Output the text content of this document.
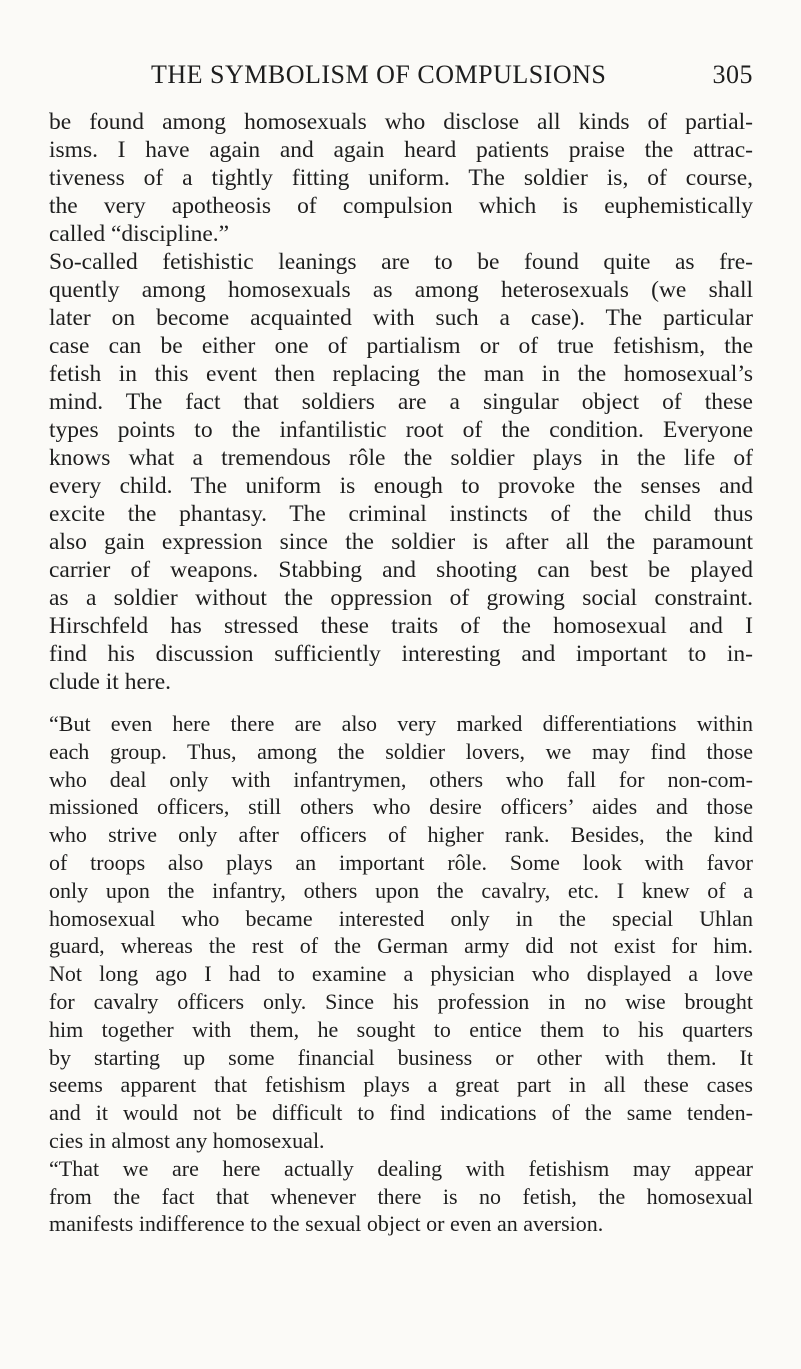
THE SYMBOLISM OF COMPULSIONS	305
be found among homosexuals who disclose all kinds of partial-
isms. I have again and again heard patients praise the attrac-
tiveness of a tightly fitting uniform. The soldier is, of course,
the very apotheosis of compulsion which is euphemistically
called “discipline.”
So-called fetishistic leanings are to be found quite as fre-
quently among homosexuals as among heterosexuals (we shall
later on become acquainted with such a case). The particular
case can be either one of partialism or of true fetishism, the
fetish in this event then replacing the man in the homosexual’s
mind. The fact that soldiers are a singular object of these
types points to the infantilistic root of the condition. Everyone
knows what a tremendous rôle the soldier plays in the life of
every child. The uniform is enough to provoke the senses and
excite the phantasy. The criminal instincts of the child thus
also gain expression since the soldier is after all the paramount
carrier of weapons. Stabbing and shooting can best be played
as a soldier without the oppression of growing social constraint.
Hirschfeld has stressed these traits of the homosexual and I
find his discussion sufficiently interesting and important to in-
clude it here.
“But even here there are also very marked differentiations within
each group. Thus, among the soldier lovers, we may find those
who deal only with infantrymen, others who fall for non-com-
missioned officers, still others who desire officers’ aides and those
who strive only after officers of higher rank. Besides, the kind
of troops also plays an important rôle. Some look with favor
only upon the infantry, others upon the cavalry, etc. I knew of a
homosexual who became interested only in the special Uhlan
guard, whereas the rest of the German army did not exist for him.
Not long ago I had to examine a physician who displayed a love
for cavalry officers only. Since his profession in no wise brought
him together with them, he sought to entice them to his quarters
by starting up some financial business or other with them. It
seems apparent that fetishism plays a great part in all these cases
and it would not be difficult to find indications of the same tenden-
cies in almost any homosexual.
“That we are here actually dealing with fetishism may appear
from the fact that whenever there is no fetish, the homosexual
manifests indifference to the sexual object or even an aversion.
